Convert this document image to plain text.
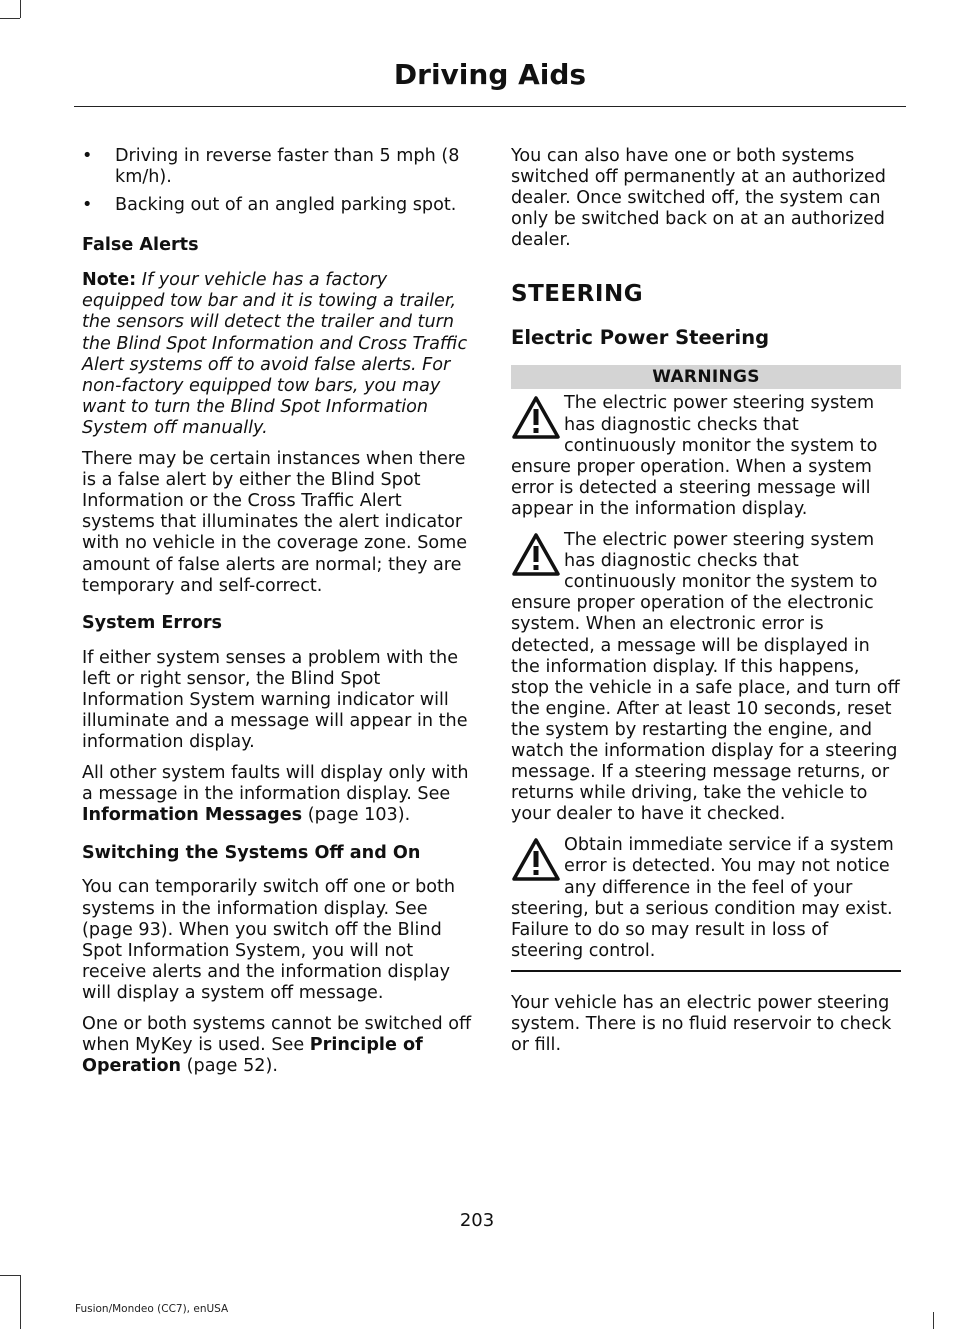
Driving Aids
• Driving in reverse faster than 5 mph (8 km/h).
• Backing out of an angled parking spot.
False Alerts

Note: If your vehicle has a factory equipped tow bar and it is towing a trailer, the sensors will detect the trailer and turn the Blind Spot Information and Cross Traffic Alert systems off to avoid false alerts. For non-factory equipped tow bars, you may want to turn the Blind Spot Information System off manually.

There may be certain instances when there is a false alert by either the Blind Spot Information or the Cross Traffic Alert systems that illuminates the alert indicator with no vehicle in the coverage zone. Some amount of false alerts are normal; they are temporary and self-correct.

System Errors

If either system senses a problem with the left or right sensor, the Blind Spot Information System warning indicator will illuminate and a message will appear in the information display.

All other system faults will display only with a message in the information display. See Information Messages (page 103).

Switching the Systems Off and On

You can temporarily switch off one or both systems in the information display. See (page 93). When you switch off the Blind Spot Information System, you will not receive alerts and the information display will display a system off message.

One or both systems cannot be switched off when MyKey is used. See Principle of Operation (page 52).

You can also have one or both systems switched off permanently at an authorized dealer. Once switched off, the system can only be switched back on at an authorized dealer.

STEERING
Electric Power Steering
WARNINGS

The electric power steering system has diagnostic checks that continuously monitor the system to ensure proper operation. When a system error is detected a steering message will appear in the information display.

The electric power steering system has diagnostic checks that continuously monitor the system to ensure proper operation of the electronic system. When an electronic error is detected, a message will be displayed in the information display. If this happens, stop the vehicle in a safe place, and turn off the engine. After at least 10 seconds, reset the system by restarting the engine, and watch the information display for a steering message. If a steering message returns, or returns while driving, take the vehicle to your dealer to have it checked.

Obtain immediate service if a system error is detected. You may not notice any difference in the feel of your steering, but a serious condition may exist. Failure to do so may result in loss of steering control.

Your vehicle has an electric power steering system. There is no fluid reservoir to check or fill.

203
Fusion/Mondeo (CC7), enUSA
